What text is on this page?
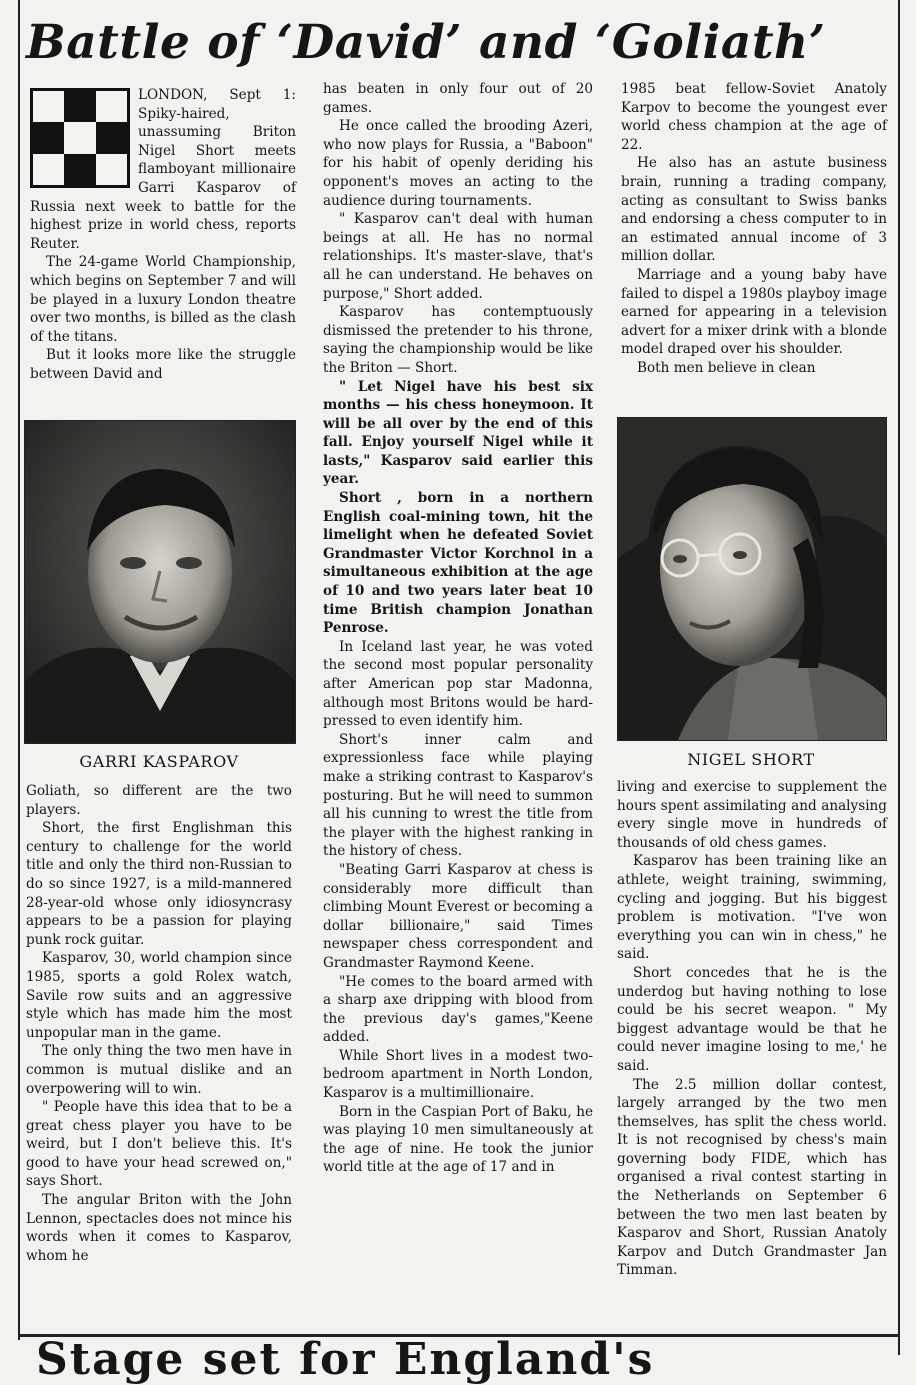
Battle of ‘David’ and ‘Goliath’

LONDON, Sept 1: Spiky-haired, unassuming Briton Nigel Short meets flamboyant millionaire Garri Kasparov of Russia next week to battle for the highest prize in world chess, reports Reuter.

The 24-game World Championship, which begins on September 7 and will be played in a luxury London theatre over two months, is billed as the clash of the titans.

But it looks more like the struggle between David and

GARRI KASPAROV

Goliath, so different are the two players.

Short, the first Englishman this century to challenge for the world title and only the third non-Russian to do so since 1927, is a mild-mannered 28-year-old whose only idiosyncrasy appears to be a passion for playing punk rock guitar.

Kasparov, 30, world champion since 1985, sports a gold Rolex watch, Savile row suits and an aggressive style which has made him the most unpopular man in the game.

The only thing the two men have in common is mutual dislike and an overpowering will to win.

" People have this idea that to be a great chess player you have to be weird, but I don't believe this. It's good to have your head screwed on," says Short.

The angular Briton with the John Lennon, spectacles does not mince his words when it comes to Kasparov, whom he

has beaten in only four out of 20 games.

He once called the brooding Azeri, who now plays for Russia, a "Baboon" for his habit of openly deriding his opponent's moves an acting to the audience during tournaments.

" Kasparov can't deal with human beings at all. He has no normal relationships. It's master-slave, that's all he can understand. He behaves on purpose," Short added.

Kasparov has contemptuously dismissed the pretender to his throne, saying the championship would be like the Briton — Short.

" Let Nigel have his best six months — his chess honeymoon. It will be all over by the end of this fall. Enjoy yourself Nigel while it lasts," Kasparov said earlier this year.

Short , born in a northern English coal-mining town, hit the limelight when he defeated Soviet Grandmaster Victor Korchnol in a simultaneous exhibition at the age of 10 and two years later beat 10 time British champion Jonathan Penrose.

In Iceland last year, he was voted the second most popular personality after American pop star Madonna, although most Britons would be hard-pressed to even identify him.

Short's inner calm and expressionless face while playing make a striking contrast to Kasparov's posturing. But he will need to summon all his cunning to wrest the title from the player with the highest ranking in the history of chess.

"Beating Garri Kasparov at chess is considerably more difficult than climbing Mount Everest or becoming a dollar billionaire," said Times newspaper chess correspondent and Grandmaster Raymond Keene.

"He comes to the board armed with a sharp axe dripping with blood from the previous day's games,"Keene added.

While Short lives in a modest two-bedroom apartment in North London, Kasparov is a multimillionaire.

Born in the Caspian Port of Baku, he was playing 10 men simultaneously at the age of nine. He took the junior world title at the age of 17 and in

1985 beat fellow-Soviet Anatoly Karpov to become the youngest ever world chess champion at the age of 22.

He also has an astute business brain, running a trading company, acting as consultant to Swiss banks and endorsing a chess computer to in an estimated annual income of 3 million dollar.

Marriage and a young baby have failed to dispel a 1980s playboy image earned for appearing in a television advert for a mixer drink with a blonde model draped over his shoulder.

Both men believe in clean

NIGEL SHORT

living and exercise to supplement the hours spent assimilating and analysing every single move in hundreds of thousands of old chess games.

Kasparov has been training like an athlete, weight training, swimming, cycling and jogging. But his biggest problem is motivation. "I've won everything you can win in chess," he said.

Short concedes that he is the underdog but having nothing to lose could be his secret weapon. " My biggest advantage would be that he could never imagine losing to me,' he said.

The 2.5 million dollar contest, largely arranged by the two men themselves, has split the chess world. It is not recognised by chess's main governing body FIDE, which has organised a rival contest starting in the Netherlands on September 6 between the two men last beaten by Kasparov and Short, Russian Anatoly Karpov and Dutch Grandmaster Jan Timman.

Stage set for England's
